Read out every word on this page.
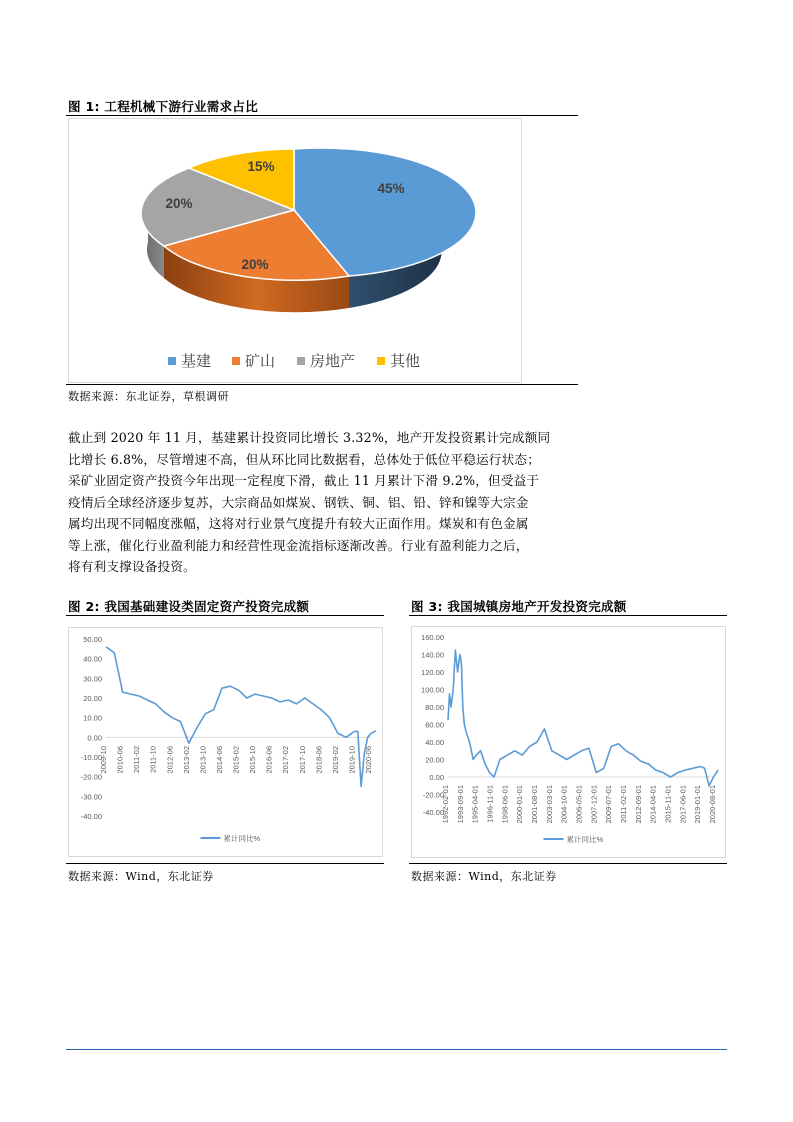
图 1: 工程机械下游行业需求占比
45%
20%
20%
15%
基建 矿山 房地产 其他
数据来源：东北证券，草根调研
截止到 2020 年 11 月，基建累计投资同比增长 3.32%，地产开发投资累计完成额同
比增长 6.8%，尽管增速不高，但从环比同比数据看，总体处于低位平稳运行状态；
采矿业固定资产投资今年出现一定程度下滑，截止 11 月累计下滑 9.2%，但受益于
疫情后全球经济逐步复苏，大宗商品如煤炭、钢铁、铜、铝、铅、锌和镍等大宗金
属均出现不同幅度涨幅，这将对行业景气度提升有较大正面作用。煤炭和有色金属
等上涨，催化行业盈利能力和经营性现金流指标逐渐改善。行业有盈利能力之后，
将有利支撑设备投资。
图 2: 我国基础建设类固定资产投资完成额
50.00
40.00
30.00
20.00
10.00
0.00
-10.00
-20.00
-30.00
-40.00
2009-10 2010-06 2011-02 2011-10 2012-06 2013-02 2013-10 2014-06 2015-02 2015-10 2016-06 2017-02 2017-10 2018-06 2019-02 2019-10 2020-06
累计同比%
数据来源：Wind，东北证券
图 3: 我国城镇房地产开发投资完成额
160.00
140.00
120.00
100.00
80.00
60.00
40.00
20.00
0.00
-20.00
-40.00
1992-02-01 1993-09-01 1995-04-01 1996-11-01 1998-06-01 2000-01-01 2001-08-01 2003-03-01 2004-10-01 2006-05-01 2007-12-01 2009-07-01 2011-02-01 2012-09-01 2014-04-01 2015-11-01 2017-06-01 2019-01-01 2020-08-01
累计同比%
数据来源：Wind，东北证券
